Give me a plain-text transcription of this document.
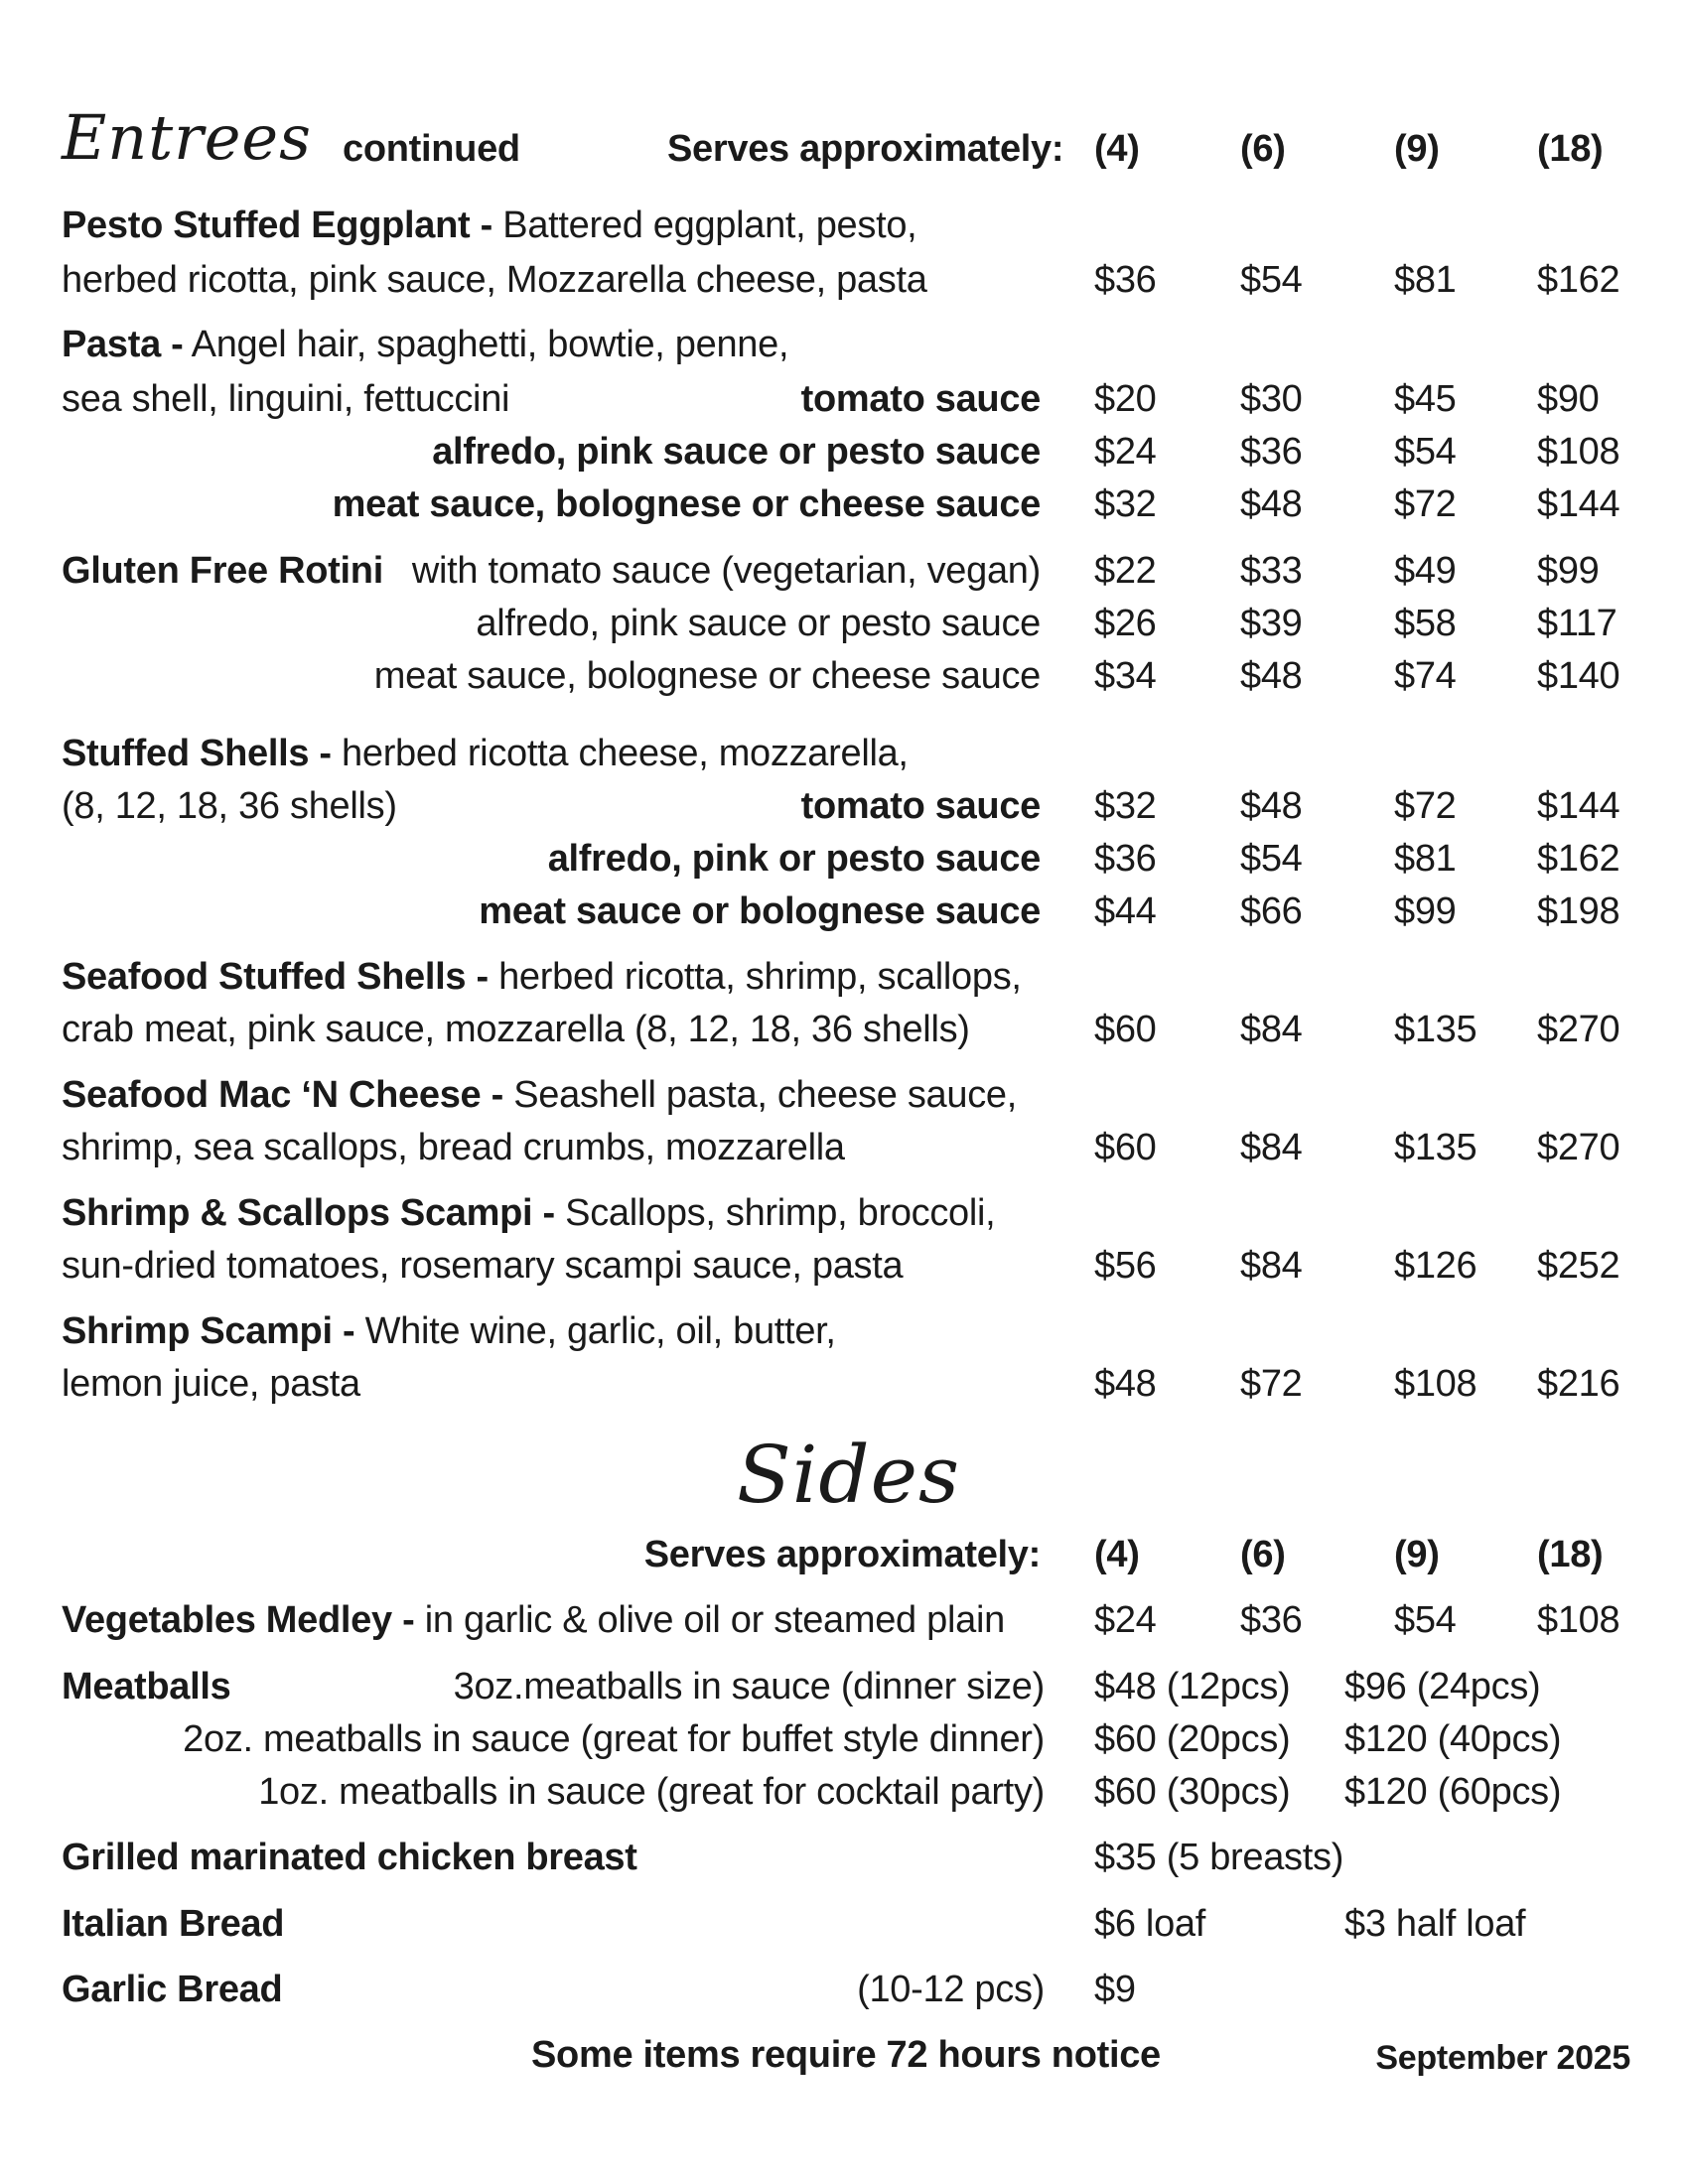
Entrees continued	Serves approximately: (4)	(6)	(9)	(18)
Pesto Stuffed Eggplant - Battered eggplant, pesto,
herbed ricotta, pink sauce, Mozzarella cheese, pasta	$36 $54 $81 $162
Pasta - Angel hair, spaghetti, bowtie, penne,
sea shell, linguini, fettuccini	tomato sauce $20 $30 $45 $90
alfredo, pink sauce or pesto sauce $24 $36 $54 $108
meat sauce, bolognese or cheese sauce $32 $48 $72 $144
Gluten Free Rotini with tomato sauce (vegetarian, vegan) $22 $33 $49 $99
alfredo, pink sauce or pesto sauce $26 $39 $58 $117
meat sauce, bolognese or cheese sauce $34 $48 $74 $140
Stuffed Shells - herbed ricotta cheese, mozzarella,
(8, 12, 18, 36 shells)	tomato sauce $32 $48 $72 $144
alfredo, pink or pesto sauce $36 $54 $81 $162
meat sauce or bolognese sauce $44 $66 $99 $198
Seafood Stuffed Shells - herbed ricotta, shrimp, scallops,
crab meat, pink sauce, mozzarella (8, 12, 18, 36 shells)	$60 $84 $135 $270
Seafood Mac ‘N Cheese - Seashell pasta, cheese sauce,
shrimp, sea scallops, bread crumbs, mozzarella	$60 $84 $135 $270
Shrimp & Scallops Scampi - Scallops, shrimp, broccoli,
sun-dried tomatoes, rosemary scampi sauce, pasta	$56 $84 $126 $252
Shrimp Scampi - White wine, garlic, oil, butter,
lemon juice, pasta	$48 $72 $108 $216
Sides
Serves approximately: (4)	(6)	(9)	(18)
Vegetables Medley - in garlic & olive oil or steamed plain $24 $36 $54 $108
Meatballs	3oz.meatballs in sauce (dinner size) $48 (12pcs) $96 (24pcs)
2oz. meatballs in sauce (great for buffet style dinner) $60 (20pcs) $120 (40pcs)
1oz. meatballs in sauce (great for cocktail party) $60 (30pcs) $120 (60pcs)
Grilled marinated chicken breast	$35 (5 breasts)
Italian Bread	$6 loaf	$3 half loaf
Garlic Bread	(10-12 pcs) $9
Some items require 72 hours notice	September 2025
